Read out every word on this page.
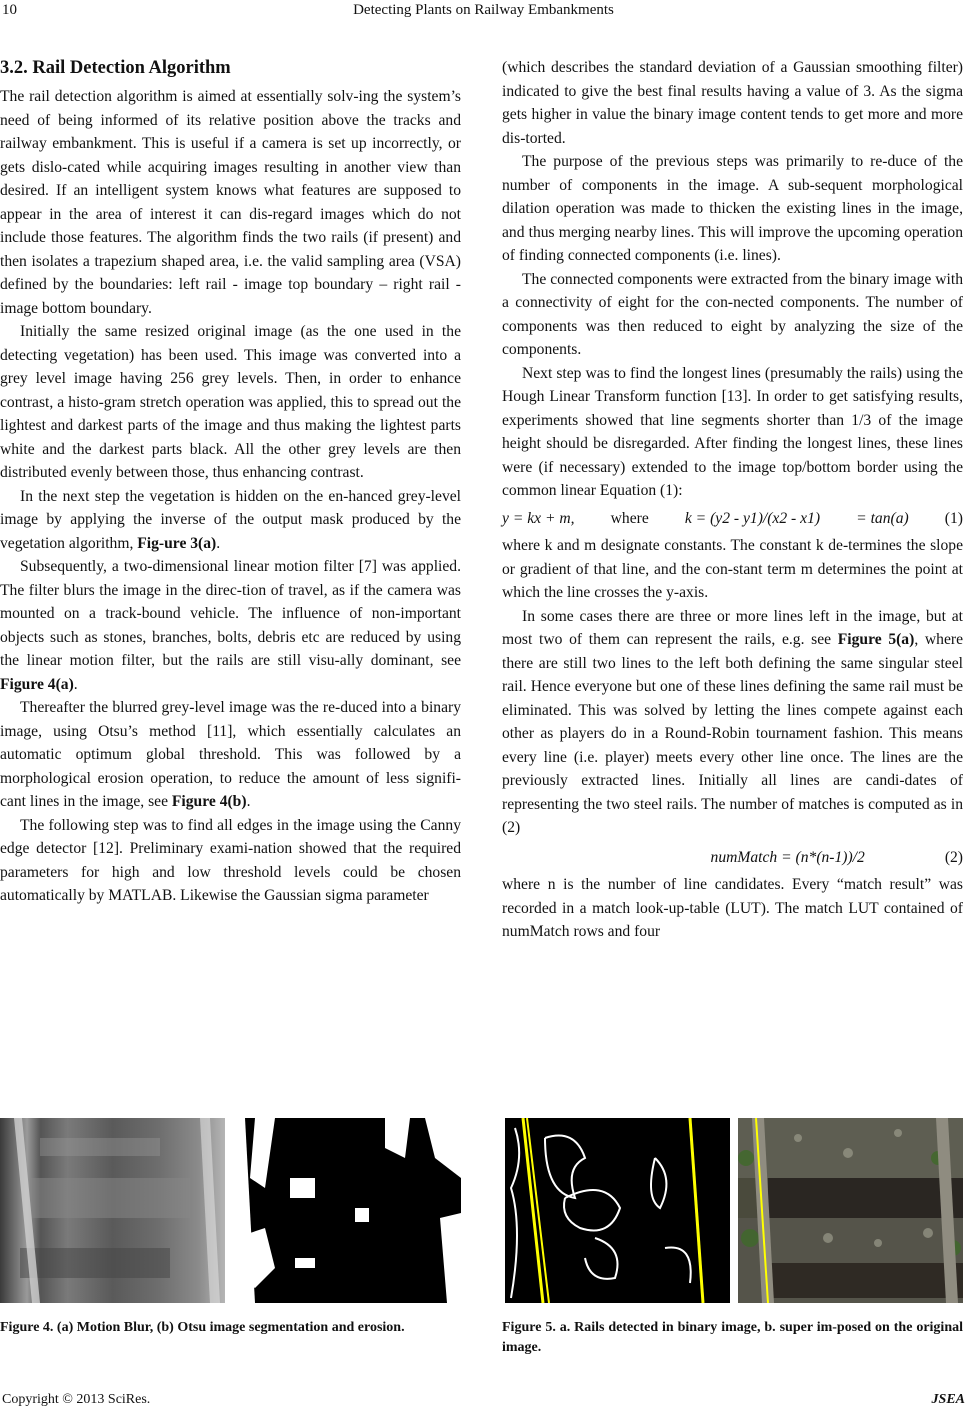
10	Detecting Plants on Railway Embankments
3.2. Rail Detection Algorithm

The rail detection algorithm is aimed at essentially solv-ing the system’s need of being informed of its relative position above the tracks and railway embankment. This is useful if a camera is set up incorrectly, or gets dislo-cated while acquiring images resulting in another view than desired. If an intelligent system knows what features are supposed to appear in the area of interest it can dis-regard images which do not include those features. The algorithm finds the two rails (if present) and then isolates a trapezium shaped area, i.e. the valid sampling area (VSA) defined by the boundaries: left rail - image top boundary – right rail - image bottom boundary.

Initially the same resized original image (as the one used in the detecting vegetation) has been used. This image was converted into a grey level image having 256 grey levels. Then, in order to enhance contrast, a histo-gram stretch operation was applied, this to spread out the lightest and darkest parts of the image and thus making the lightest parts white and the darkest parts black. All the other grey levels are then distributed evenly between those, thus enhancing contrast.

In the next step the vegetation is hidden on the en-hanced grey-level image by applying the inverse of the output mask produced by the vegetation algorithm, Fig-ure 3(a).

Subsequently, a two-dimensional linear motion filter [7] was applied. The filter blurs the image in the direc-tion of travel, as if the camera was mounted on a track-bound vehicle. The influence of non-important objects such as stones, branches, bolts, debris etc are reduced by using the linear motion filter, but the rails are still visu-ally dominant, see Figure 4(a).

Thereafter the blurred grey-level image was the re-duced into a binary image, using Otsu’s method [11], which essentially calculates an automatic optimum global threshold. This was followed by a morphological erosion operation, to reduce the amount of less signifi-cant lines in the image, see Figure 4(b).

The following step was to find all edges in the image using the Canny edge detector [12]. Preliminary exami-nation showed that the required parameters for high and low threshold levels could be chosen automatically by MATLAB. Likewise the Gaussian sigma parameter

(which describes the standard deviation of a Gaussian smoothing filter) indicated to give the best final results having a value of 3. As the sigma gets higher in value the binary image content tends to get more and more dis-torted.

The purpose of the previous steps was primarily to re-duce of the number of components in the image. A sub-sequent morphological dilation operation was made to thicken the existing lines in the image, and thus merging nearby lines. This will improve the upcoming operation of finding connected components (i.e. lines).

The connected components were extracted from the binary image with a connectivity of eight for the con-nected components. The number of components was then reduced to eight by analyzing the size of the components.

Next step was to find the longest lines (presumably the rails) using the Hough Linear Transform function [13]. In order to get satisfying results, experiments showed that line segments shorter than 1/3 of the image height should be disregarded. After finding the longest lines, these lines were (if necessary) extended to the image top/bottom border using the common linear Equation (1):

y = kx + m, where k = (y2 - y1)/(x2 - x1) = tan(a) (1)

where k and m designate constants. The constant k de-termines the slope or gradient of that line, and the con-stant term m determines the point at which the line crosses the y-axis.

In some cases there are three or more lines left in the image, but at most two of them can represent the rails, e.g. see Figure 5(a), where there are still two lines to the left both defining the same singular steel rail. Hence everyone but one of these lines defining the same rail must be eliminated. This was solved by letting the lines compete against each other as players do in a Round-Robin tournament fashion. This means every line (i.e. player) meets every other line once. The lines are the previously extracted lines. Initially all lines are candi-dates of representing the two steel rails. The number of matches is computed as in (2)

numMatch = (n*(n-1))/2	(2)

where n is the number of line candidates. Every “match result” was recorded in a match look-up-table (LUT). The match LUT contained of numMatch rows and four

Figure 4. (a) Motion Blur, (b) Otsu image segmentation and erosion.	Figure 5. a. Rails detected in binary image, b. super im-posed on the original image.
Copyright © 2013 SciRes.	JSEA
